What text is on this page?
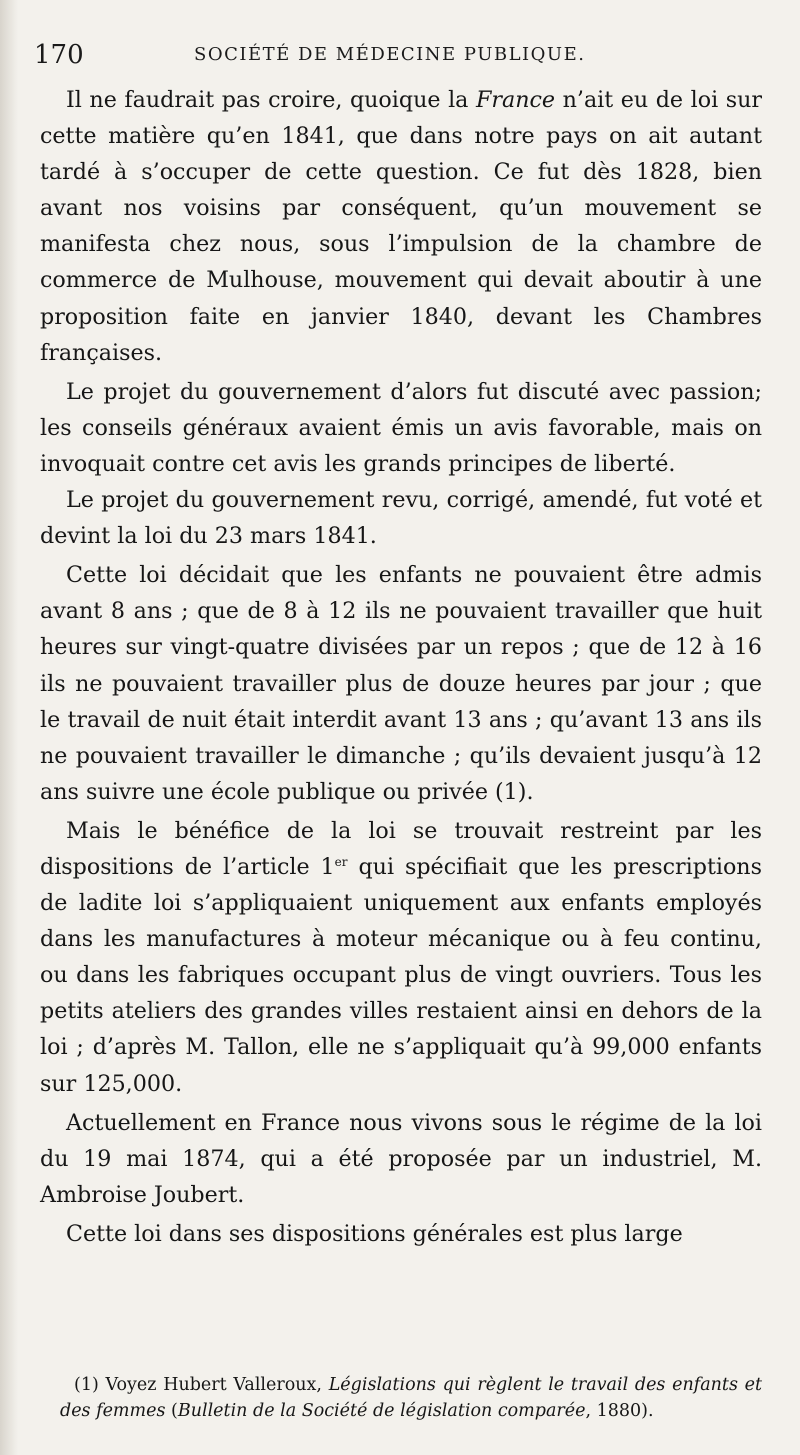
170	SOCIÉTÉ DE MÉDECINE PUBLIQUE.

Il ne faudrait pas croire, quoique la France n’ait eu de loi sur cette matière qu’en 1841, que dans notre pays on ait autant tardé à s’occuper de cette question. Ce fut dès 1828, bien avant nos voisins par conséquent, qu’un mouvement se manifesta chez nous, sous l’impulsion de la chambre de commerce de Mulhouse, mouvement qui devait aboutir à une proposition faite en janvier 1840, devant les Chambres françaises.

Le projet du gouvernement d’alors fut discuté avec passion; les conseils généraux avaient émis un avis favorable, mais on invoquait contre cet avis les grands principes de liberté.

Le projet du gouvernement revu, corrigé, amendé, fut voté et devint la loi du 23 mars 1841.

Cette loi décidait que les enfants ne pouvaient être admis avant 8 ans ; que de 8 à 12 ils ne pouvaient travailler que huit heures sur vingt-quatre divisées par un repos ; que de 12 à 16 ils ne pouvaient travailler plus de douze heures par jour ; que le travail de nuit était interdit avant 13 ans ; qu’avant 13 ans ils ne pouvaient travailler le dimanche ; qu’ils devaient jusqu’à 12 ans suivre une école publique ou privée (1).

Mais le bénéfice de la loi se trouvait restreint par les dispositions de l’article 1er qui spécifiait que les prescriptions de ladite loi s’appliquaient uniquement aux enfants employés dans les manufactures à moteur mécanique ou à feu continu, ou dans les fabriques occupant plus de vingt ouvriers. Tous les petits ateliers des grandes villes restaient ainsi en dehors de la loi ; d’après M. Tallon, elle ne s’appliquait qu’à 99,000 enfants sur 125,000.

Actuellement en France nous vivons sous le régime de la loi du 19 mai 1874, qui a été proposée par un industriel, M. Ambroise Joubert.

Cette loi dans ses dispositions générales est plus large

(1) Voyez Hubert Valleroux, Législations qui règlent le travail des enfants et des femmes (Bulletin de la Société de législation comparée, 1880).
